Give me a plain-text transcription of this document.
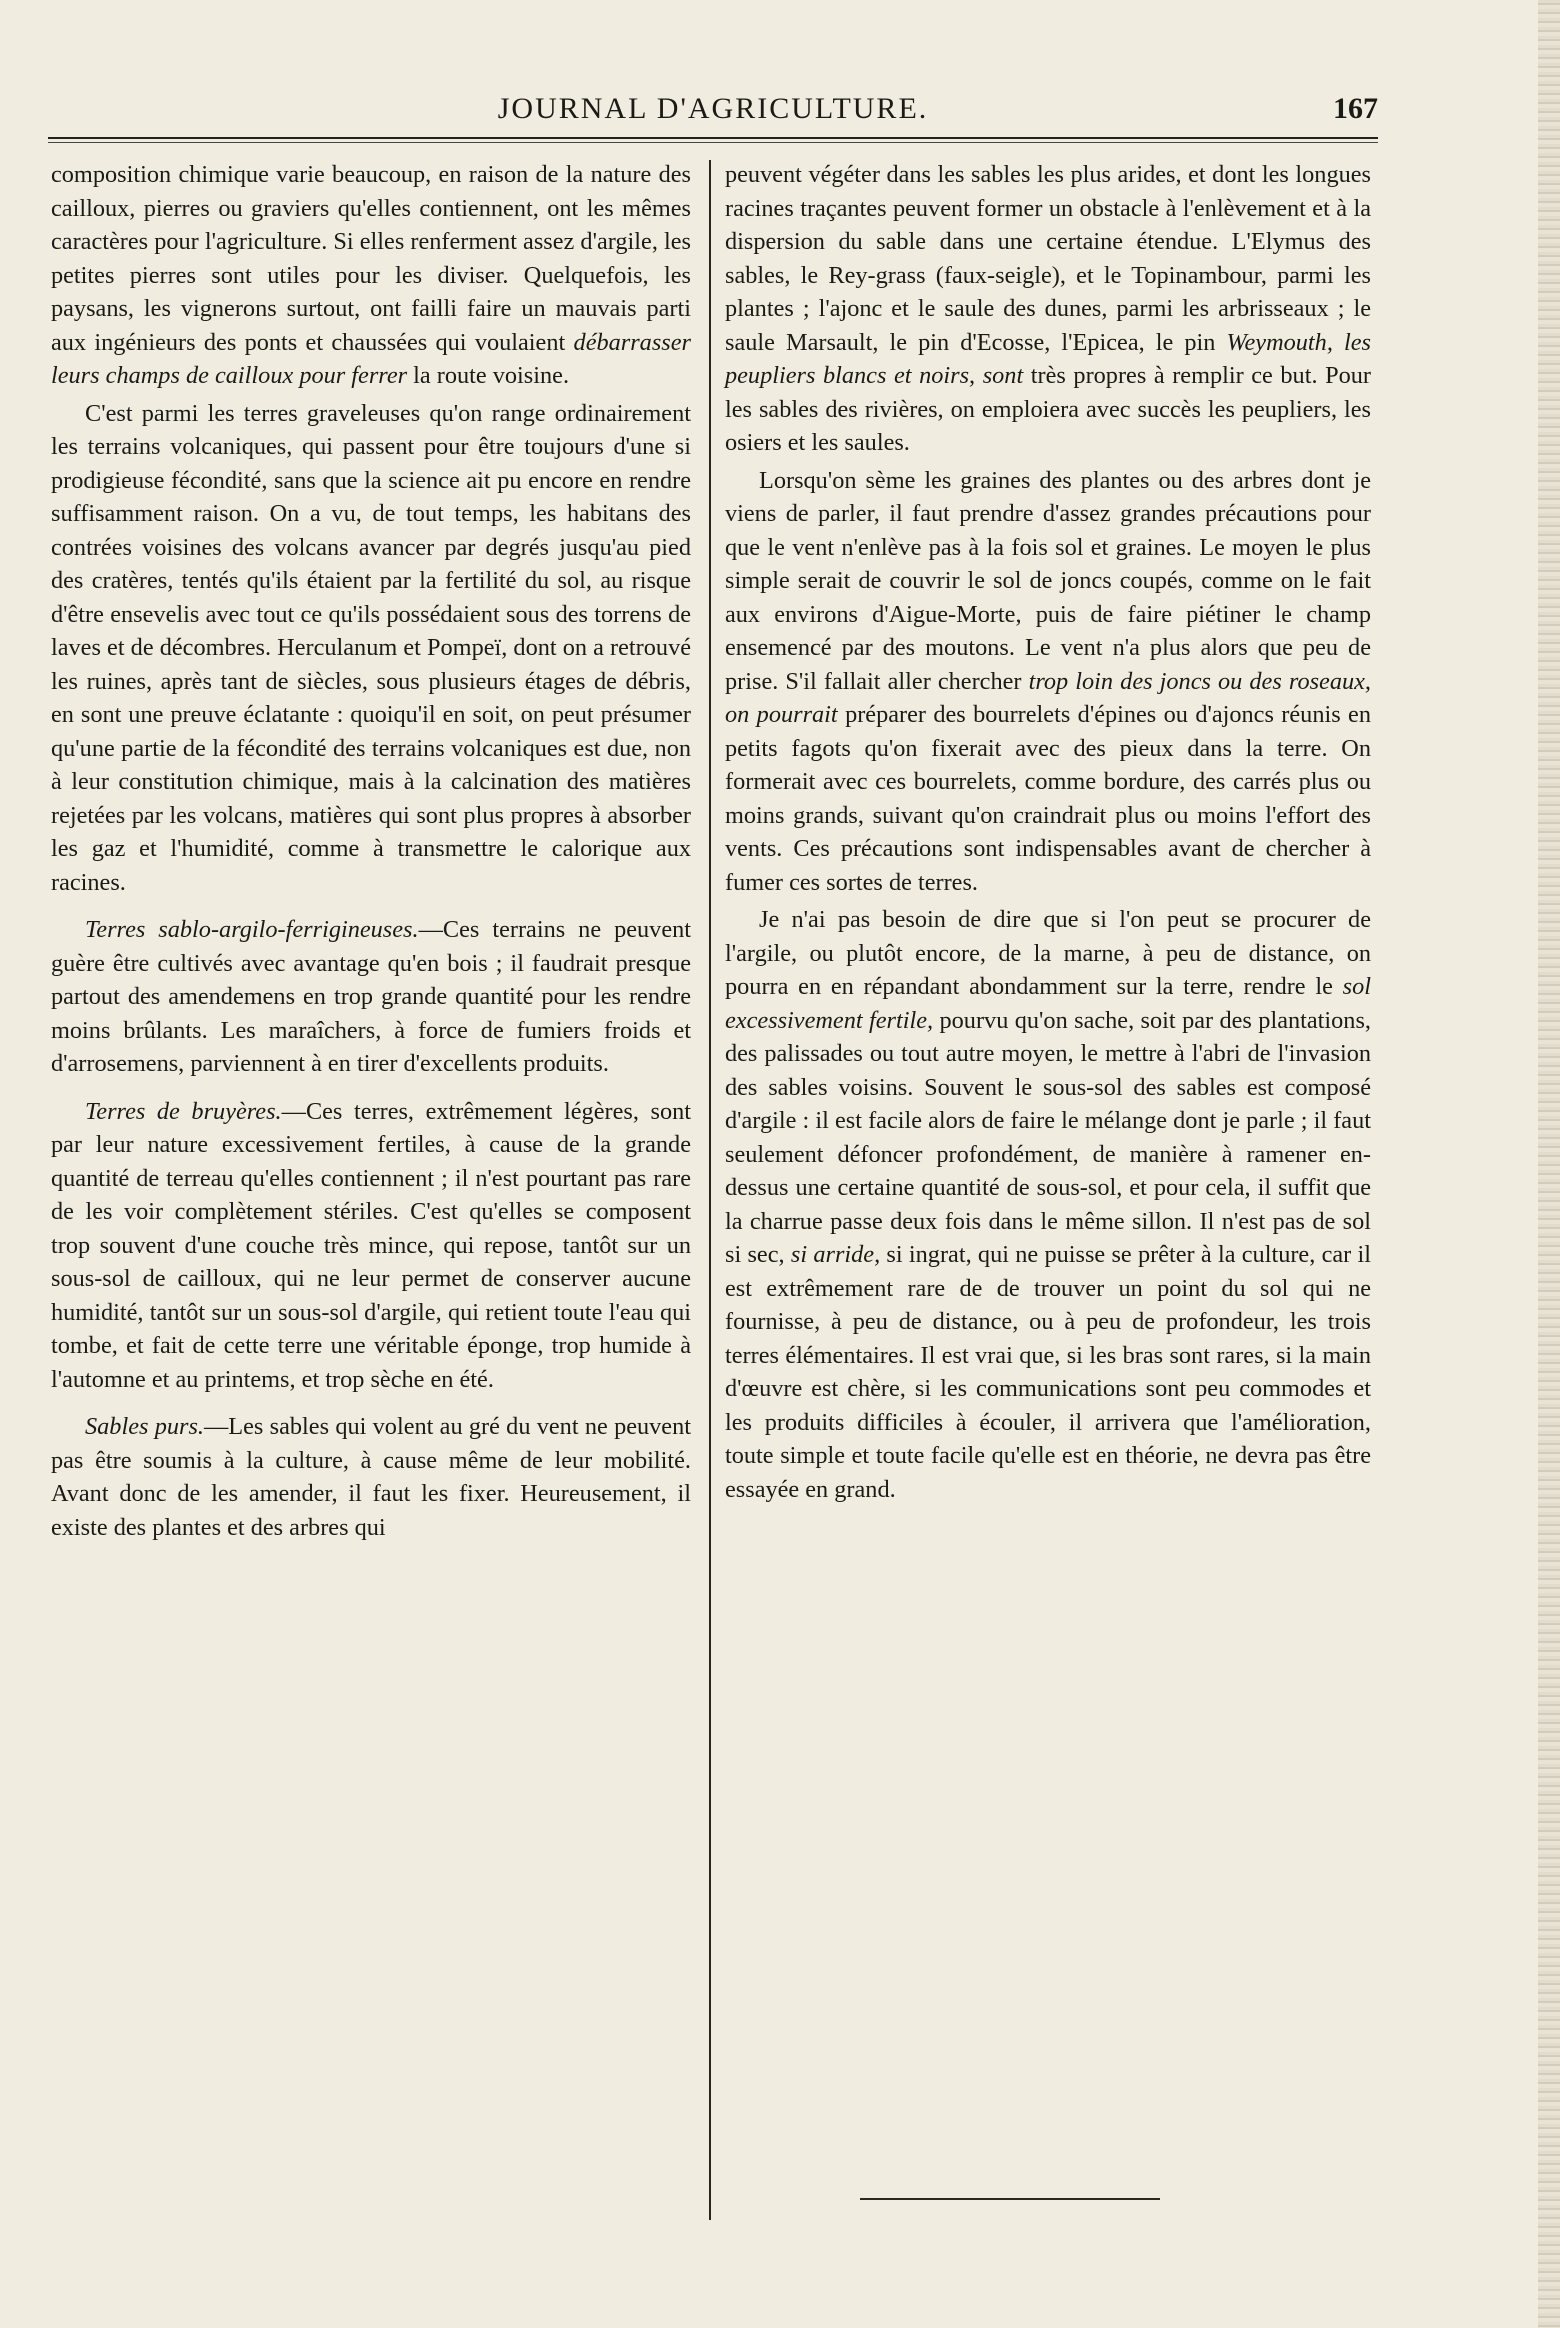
JOURNAL D'AGRICULTURE.	167

composition chimique varie beaucoup, en raison de la nature des cailloux, pierres ou graviers qu'elles contiennent, ont les mêmes caractères pour l'agriculture. Si elles renferment assez d'argile, les petites pierres sont utiles pour les diviser. Quelquefois, les paysans, les vignerons surtout, ont failli faire un mauvais parti aux ingénieurs des ponts et chaussées qui voulaient débarrasser leurs champs de cailloux pour ferrer la route voisine.

C'est parmi les terres graveleuses qu'on range ordinairement les terrains volcaniques, qui passent pour être toujours d'une si prodigieuse fécondité, sans que la science ait pu encore en rendre suffisamment raison. On a vu, de tout temps, les habitans des contrées voisines des volcans avancer par degrés jusqu'au pied des cratères, tentés qu'ils étaient par la fertilité du sol, au risque d'être ensevelis avec tout ce qu'ils possédaient sous des torrens de laves et de décombres. Herculanum et Pompeï, dont on a retrouvé les ruines, après tant de siècles, sous plusieurs étages de débris, en sont une preuve éclatante : quoiqu'il en soit, on peut présumer qu'une partie de la fécondité des terrains volcaniques est due, non à leur constitution chimique, mais à la calcination des matières rejetées par les volcans, matières qui sont plus propres à absorber les gaz et l'humidité, comme à transmettre le calorique aux racines.

Terres sablo-argilo-ferrigineuses.—Ces terrains ne peuvent guère être cultivés avec avantage qu'en bois ; il faudrait presque partout des amendemens en trop grande quantité pour les rendre moins brûlants. Les maraîchers, à force de fumiers froids et d'arrosemens, parviennent à en tirer d'excellents produits.

Terres de bruyères.—Ces terres, extrêmement légères, sont par leur nature excessivement fertiles, à cause de la grande quantité de terreau qu'elles contiennent ; il n'est pourtant pas rare de les voir complètement stériles. C'est qu'elles se composent trop souvent d'une couche très mince, qui repose, tantôt sur un sous-sol de cailloux, qui ne leur permet de conserver aucune humidité, tantôt sur un sous-sol d'argile, qui retient toute l'eau qui tombe, et fait de cette terre une véritable éponge, trop humide à l'automne et au printems, et trop sèche en été.

Sables purs.—Les sables qui volent au gré du vent ne peuvent pas être soumis à la culture, à cause même de leur mobilité. Avant donc de les amender, il faut les fixer. Heureusement, il existe des plantes et des arbres qui

peuvent végéter dans les sables les plus arides, et dont les longues racines traçantes peuvent former un obstacle à l'enlèvement et à la dispersion du sable dans une certaine étendue. L'Elymus des sables, le Rey-grass (faux-seigle), et le Topinambour, parmi les plantes ; l'ajonc et le saule des dunes, parmi les arbrisseaux ; le saule Marsault, le pin d'Ecosse, l'Epicea, le pin Weymouth, les peupliers blancs et noirs, sont très propres à remplir ce but. Pour les sables des rivières, on emploiera avec succès les peupliers, les osiers et les saules.

Lorsqu'on sème les graines des plantes ou des arbres dont je viens de parler, il faut prendre d'assez grandes précautions pour que le vent n'enlève pas à la fois sol et graines. Le moyen le plus simple serait de couvrir le sol de joncs coupés, comme on le fait aux environs d'Aigue-Morte, puis de faire piétiner le champ ensemencé par des moutons. Le vent n'a plus alors que peu de prise. S'il fallait aller chercher trop loin des joncs ou des roseaux, on pourrait préparer des bourrelets d'épines ou d'ajoncs réunis en petits fagots qu'on fixerait avec des pieux dans la terre. On formerait avec ces bourrelets, comme bordure, des carrés plus ou moins grands, suivant qu'on craindrait plus ou moins l'effort des vents. Ces précautions sont indispensables avant de chercher à fumer ces sortes de terres.

Je n'ai pas besoin de dire que si l'on peut se procurer de l'argile, ou plutôt encore, de la marne, à peu de distance, on pourra en en répandant abondamment sur la terre, rendre le sol excessivement fertile, pourvu qu'on sache, soit par des plantations, des palissades ou tout autre moyen, le mettre à l'abri de l'invasion des sables voisins. Souvent le sous-sol des sables est composé d'argile : il est facile alors de faire le mélange dont je parle ; il faut seulement défoncer profondément, de manière à ramener en-dessus une certaine quantité de sous-sol, et pour cela, il suffit que la charrue passe deux fois dans le même sillon. Il n'est pas de sol si sec, si arride, si ingrat, qui ne puisse se prêter à la culture, car il est extrêmement rare de de trouver un point du sol qui ne fournisse, à peu de distance, ou à peu de profondeur, les trois terres élémentaires. Il est vrai que, si les bras sont rares, si la main d'œuvre est chère, si les communications sont peu commodes et les produits difficiles à écouler, il arrivera que l'amélioration, toute simple et toute facile qu'elle est en théorie, ne devra pas être essayée en grand.
